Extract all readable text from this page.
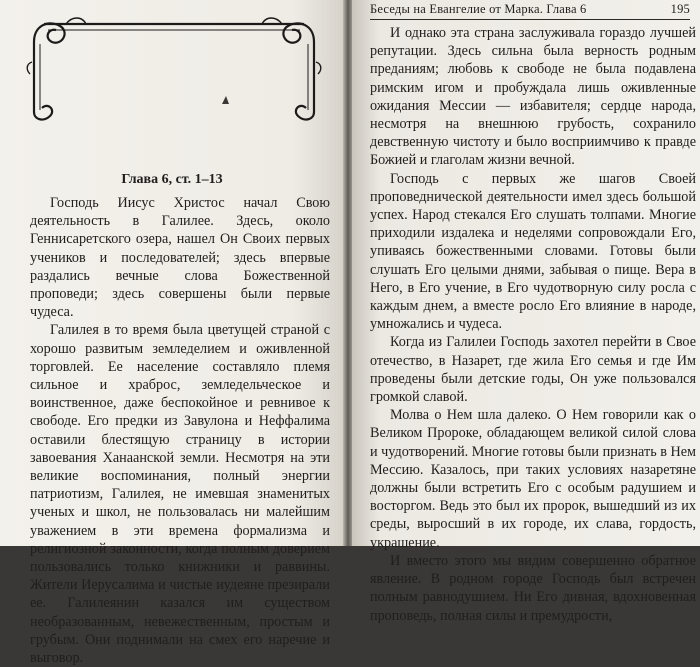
Глава 6, ст. 1–13

Господь Иисус Христос начал Свою деятельность в Галилее. Здесь, около Геннисаретского озера, нашел Он Своих первых учеников и последователей; здесь впервые раздались вечные слова Божественной проповеди; здесь совершены были первые чудеса.

Галилея в то время была цветущей страной с хорошо развитым земледелием и оживленной торговлей. Ее население составляло племя сильное и храброс, земледельческое и воинственное, даже беспокойное и ревнивое к свободе. Его предки из Завулона и Неффалима оставили блестящую страницу в истории завоевания Ханаанской земли. Несмотря на эти великие воспоминания, полный энергии патриотизм, Галилея, не имевшая знаменитых ученых и школ, не пользовалась ни малейшим уважением в эти времена формализма и религиозной законности, когда полным доверием пользовались только книжники и раввины. Жители Иерусалима и чистые иудеяне презирали ее. Галилеянин казался им существом необразованным, невежественным, простым и грубым. Они поднимали на смех его наречие и выговор.

Беседы на Евангелие от Марка. Глава 6	195

И однако эта страна заслуживала гораздо лучшей репутации. Здесь сильна была верность родным преданиям; любовь к свободе не была подавлена римским игом и пробуждала лишь оживленные ожидания Мессии — избавителя; сердце народа, несмотря на внешнюю грубость, сохранило девственную чистоту и было восприимчиво к правде Божией и глаголам жизни вечной.

Господь с первых же шагов Своей проповеднической деятельности имел здесь большой успех. Народ стекался Его слушать толпами. Многие приходили издалека и неделями сопровождали Его, упиваясь божественными словами. Готовы были слушать Его целыми днями, забывая о пище. Вера в Него, в Его учение, в Его чудотворную силу росла с каждым днем, а вместе росло Его влияние в народе, умножались и чудеса.

Когда из Галилеи Господь захотел перейти в Свое отечество, в Назарет, где жила Его семья и где Им проведены были детские годы, Он уже пользовался громкой славой.

Молва о Нем шла далеко. О Нем говорили как о Великом Пророке, обладающем великой силой слова и чудотворений. Многие готовы были признать в Нем Мессию. Казалось, при таких условиях назаретяне должны были встретить Его с особым радушием и восторгом. Ведь это был их пророк, вышедший из их среды, выросший в их городе, их слава, гордость, украшение.

И вместо этого мы видим совершенно обратное явление. В родном городе Господь был встречен полным равнодушием. Ни Его дивная, вдохновенная проповедь, полная силы и премудрости,
